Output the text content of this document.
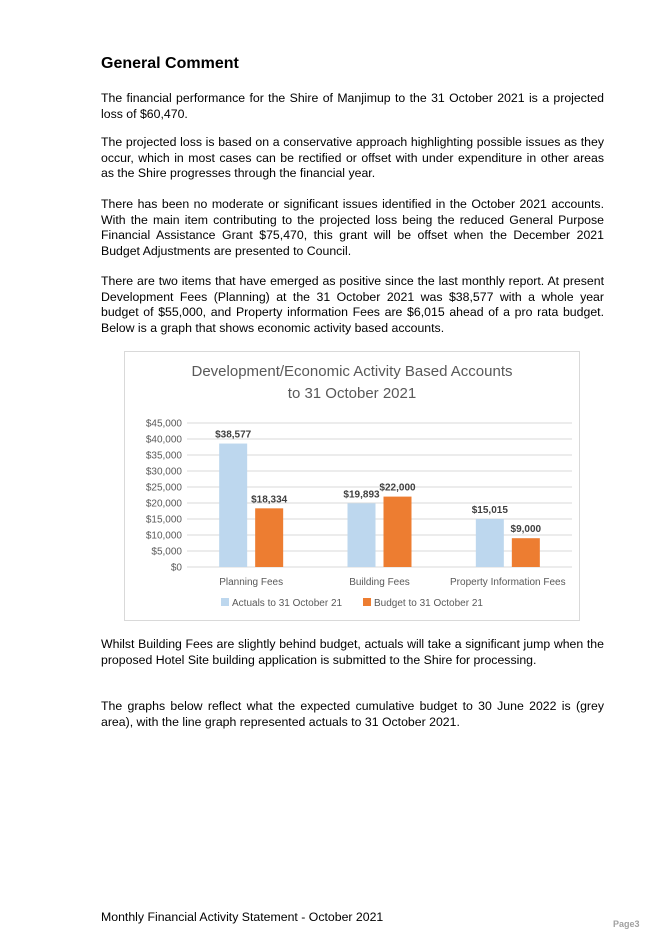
General Comment

The financial performance for the Shire of Manjimup to the 31 October 2021 is a projected loss of $60,470.

The projected loss is based on a conservative approach highlighting possible issues as they occur, which in most cases can be rectified or offset with under expenditure in other areas as the Shire progresses through the financial year.

There has been no moderate or significant issues identified in the October 2021 accounts. With the main item contributing to the projected loss being the reduced General Purpose Financial Assistance Grant $75,470, this grant will be offset when the December 2021 Budget Adjustments are presented to Council.

There are two items that have emerged as positive since the last monthly report. At present Development Fees (Planning) at the 31 October 2021 was $38,577 with a whole year budget of $55,000, and Property information Fees are $6,015 ahead of a pro rata budget. Below is a graph that shows economic activity based accounts.

Development/Economic Activity Based Accounts
to 31 October 2021
$0
$5,000
$10,000
$15,000
$20,000
$25,000
$30,000
$35,000
$40,000
$45,000
$38,577
$18,334
Planning Fees
$19,893
$22,000
Building Fees
$15,015
$9,000
Property Information Fees
Actuals to 31 October 21	Budget to 31 October 21

Whilst Building Fees are slightly behind budget, actuals will take a significant jump when the proposed Hotel Site building application is submitted to the Shire for processing.

The graphs below reflect what the expected cumulative budget to 30 June 2022 is (grey area), with the line graph represented actuals to 31 October 2021.

Monthly Financial Activity Statement - October 2021	Page3
